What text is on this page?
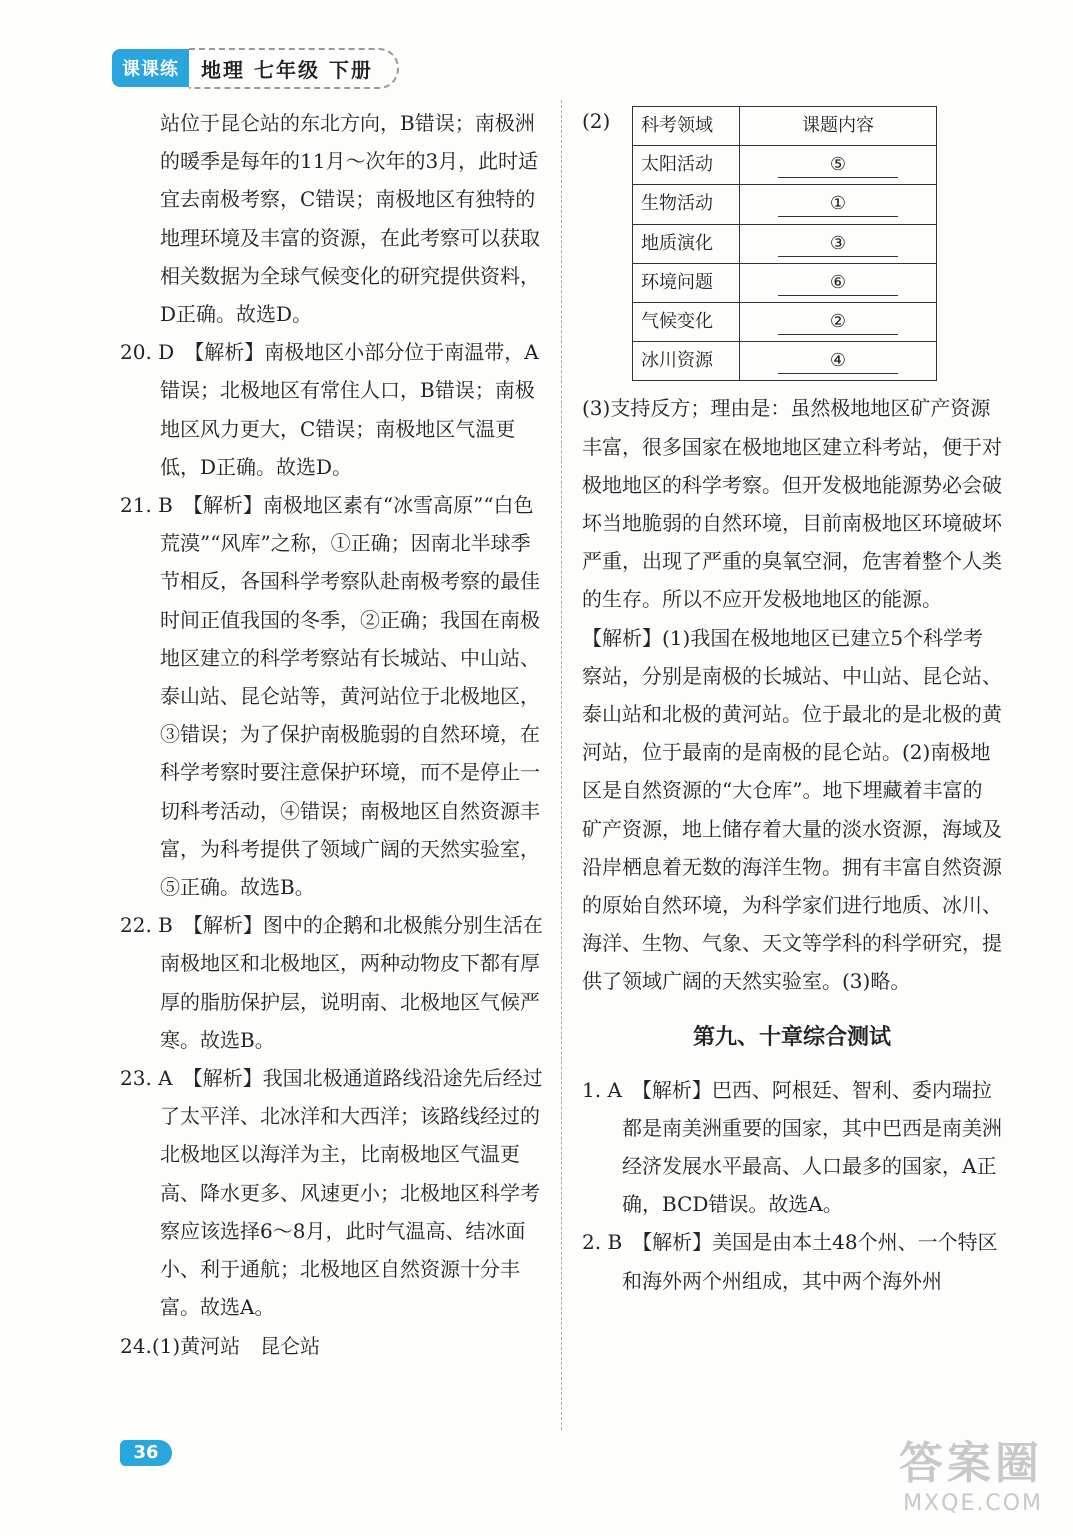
课课练	地理 七年级 下册

站位于昆仑站的东北方向，B错误；南极洲的暖季是每年的11月～次年的3月，此时适宜去南极考察，C错误；南极地区有独特的地理环境及丰富的资源，在此考察可以获取相关数据为全球气候变化的研究提供资料，D正确。故选D。

20. D　 【解析】南极地区小部分位于南温带，A错误；北极地区有常住人口，B错误；南极地区风力更大，C错误；南极地区气温更低，D正确。故选D。

21. B　 【解析】南极地区素有“冰雪高原”“白色荒漠”“风库”之称，①正确；因南北半球季节相反，各国科学考察队赴南极考察的最佳时间正值我国的冬季，②正确；我国在南极地区建立的科学考察站有长城站、中山站、泰山站、昆仑站等，黄河站位于北极地区，③错误；为了保护南极脆弱的自然环境，在科学考察时要注意保护环境，而不是停止一切科考活动，④错误；南极地区自然资源丰富，为科考提供了领域广阔的天然实验室，⑤正确。故选B。

22. B　 【解析】图中的企鹅和北极熊分别生活在南极地区和北极地区，两种动物皮下都有厚厚的脂肪保护层，说明南、北极地区气候严寒。故选B。

23. A　 【解析】我国北极通道路线沿途先后经过了太平洋、北冰洋和大西洋；该路线经过的北极地区以海洋为主，比南极地区气温更高、降水更多、风速更小；北极地区科学考察应该选择6～8月，此时气温高、结冰面小、利于通航；北极地区自然资源十分丰富。故选A。

24.(1)黄河站　昆仑站

(2)	科考领域	课题内容
太阳活动	⑤
生物活动	①
地质演化	③
环境问题	⑥
气候变化	②
冰川资源	④

(3)支持反方；理由是：虽然极地地区矿产资源丰富，很多国家在极地地区建立科考站，便于对极地地区的科学考察。但开发极地能源势必会破坏当地脆弱的自然环境，目前南极地区环境破坏严重，出现了严重的臭氧空洞，危害着整个人类的生存。所以不应开发极地地区的能源。

【解析】(1)我国在极地地区已建立5个科学考察站，分别是南极的长城站、中山站、昆仑站、泰山站和北极的黄河站。位于最北的是北极的黄河站，位于最南的是南极的昆仑站。(2)南极地区是自然资源的“大仓库”。地下埋藏着丰富的矿产资源，地上储存着大量的淡水资源，海域及沿岸栖息着无数的海洋生物。拥有丰富自然资源的原始自然环境，为科学家们进行地质、冰川、海洋、生物、气象、天文等学科的科学研究，提供了领域广阔的天然实验室。(3)略。

第九、十章综合测试

1. A　 【解析】巴西、阿根廷、智利、委内瑞拉都是南美洲重要的国家，其中巴西是南美洲经济发展水平最高、人口最多的国家，A正确，BCD错误。故选A。

2. B　 【解析】美国是由本土48个州、一个特区和海外两个州组成，其中两个海外州

36	答案圈
MXQE.COM
